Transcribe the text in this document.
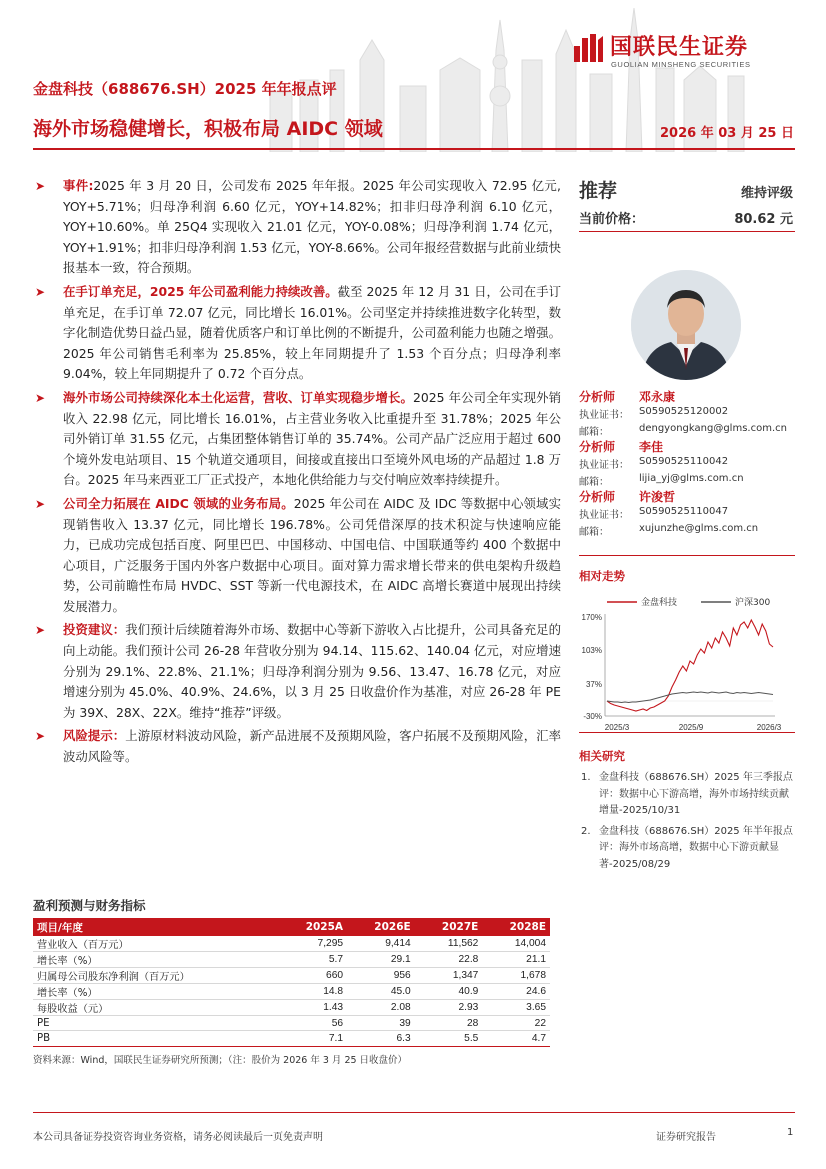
金盘科技（688676.SH）2025 年年报点评
海外市场稳健增长，积极布局 AIDC 领域	2026 年 03 月 25 日
国联民生证券
GUOLIAN MINSHENG SECURITIES
➤ 事件:2025 年 3 月 20 日，公司发布 2025 年年报。2025 年公司实现收入 72.95 亿元, YOY+5.71%；归母净利润 6.60 亿元，YOY+14.82%；扣非归母净利润 6.10 亿元，YOY+10.60%。单 25Q4 实现收入 21.01 亿元，YOY-0.08%；归母净利润 1.74 亿元，YOY+1.91%；扣非归母净利润 1.53 亿元，YOY-8.66%。公司年报经营数据与此前业绩快报基本一致，符合预期。
➤ 在手订单充足，2025 年公司盈利能力持续改善。截至 2025 年 12 月 31 日，公司在手订单充足，在手订单 72.07 亿元，同比增长 16.01%。公司坚定并持续推进数字化转型，数字化制造优势日益凸显，随着优质客户和订单比例的不断提升，公司盈利能力也随之增强。2025 年公司销售毛利率为 25.85%，较上年同期提升了 1.53 个百分点；归母净利率 9.04%，较上年同期提升了 0.72 个百分点。
➤ 海外市场公司持续深化本土化运营，营收、订单实现稳步增长。2025 年公司全年实现外销收入 22.98 亿元，同比增长 16.01%，占主营业务收入比重提升至 31.78%；2025 年公司外销订单 31.55 亿元，占集团整体销售订单的 35.74%。公司产品广泛应用于超过 600 个境外发电站项目、15 个轨道交通项目，间接或直接出口至境外风电场的产品超过 1.8 万台。2025 年马来西亚工厂正式投产，本地化供给能力与交付响应效率持续提升。
➤ 公司全力拓展在 AIDC 领域的业务布局。2025 年公司在 AIDC 及 IDC 等数据中心领域实现销售收入 13.37 亿元，同比增长 196.78%。公司凭借深厚的技术积淀与快速响应能力，已成功完成包括百度、阿里巴巴、中国移动、中国电信、中国联通等约 400 个数据中心项目，广泛服务于国内外客户数据中心项目。面对算力需求增长带来的供电架构升级趋势，公司前瞻性布局 HVDC、SST 等新一代电源技术，在 AIDC 高增长赛道中展现出持续发展潜力。
➤ 投资建议：我们预计后续随着海外市场、数据中心等新下游收入占比提升，公司具备充足的向上动能。我们预计公司 26-28 年营收分别为 94.14、115.62、140.04 亿元，对应增速分别为 29.1%、22.8%、21.1%；归母净利润分别为 9.56、13.47、16.78 亿元，对应增速分别为 45.0%、40.9%、24.6%，以 3 月 25 日收盘价作为基准，对应 26-28 年 PE 为 39X、28X、22X。维持“推荐”评级。
➤ 风险提示：上游原材料波动风险，新产品进展不及预期风险，客户拓展不及预期风险，汇率波动风险等。
推荐	维持评级
当前价格：	80.62 元
分析师 邓永康
执业证书： S0590525120002
邮箱：	dengyongkang@glms.com.cn
分析师 李佳
执业证书： S0590525110042
邮箱：	lijia_yj@glms.com.cn
分析师 许浚哲
执业证书： S0590525110047
邮箱：	xujunzhe@glms.com.cn
相对走势
金盘科技	沪深300
170%
103%
37%
-30%
2025/3	2025/9	2026/3
相关研究
1. 金盘科技（688676.SH）2025 年三季报点评：数据中心下游高增，海外市场持续贡献增量-2025/10/31
2. 金盘科技（688676.SH）2025 年半年报点评：海外市场高增，数据中心下游贡献显著-2025/08/29
盈利预测与财务指标
项目/年度	2025A	2026E	2027E	2028E
营业收入（百万元）	7,295	9,414	11,562	14,004
增长率（%）	5.7	29.1	22.8	21.1
归属母公司股东净利润（百万元）	660	956	1,347	1,678
增长率（%）	14.8	45.0	40.9	24.6
每股收益（元）	1.43	2.08	2.93	3.65
PE	56	39	28	22
PB	7.1	6.3	5.5	4.7
资料来源：Wind，国联民生证券研究所预测；（注：股价为 2026 年 3 月 25 日收盘价）
本公司具备证券投资咨询业务资格，请务必阅读最后一页免责声明	证券研究报告	1
